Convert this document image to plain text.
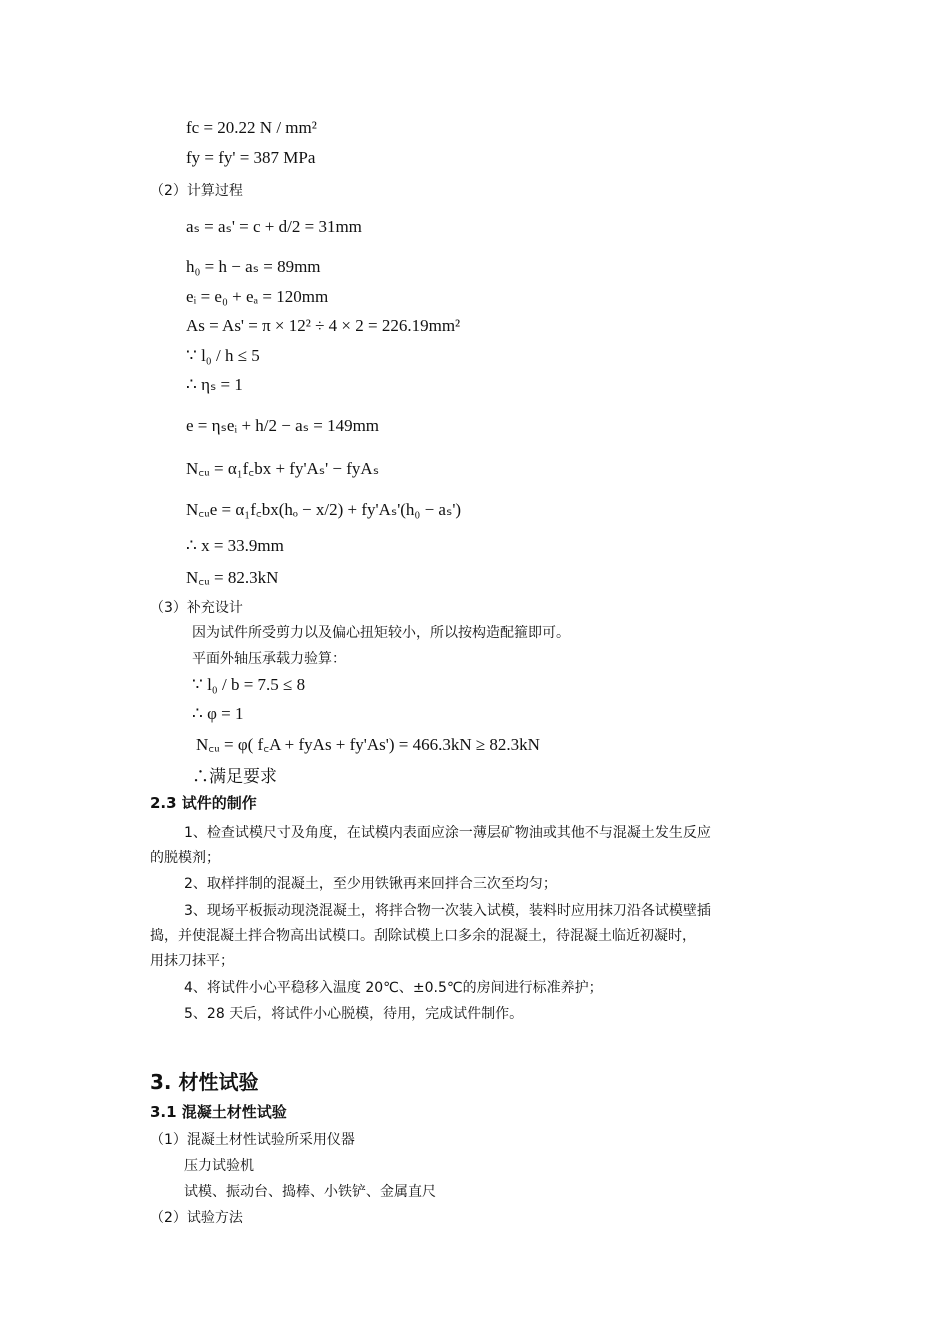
fc = 20.22 N / mm²
fy = fy' = 387 MPa
（2）计算过程
aₛ = aₛ' = c + d/2 = 31mm
h₀ = h − aₛ = 89mm
eᵢ = e₀ + eₐ = 120mm
As = As' = π × 12² ÷ 4 × 2 = 226.19mm²
∵ l₀ / h ≤ 5
∴ ηₛ = 1
e = ηₛeᵢ + h/2 − aₛ = 149mm
N꜀ᵤ = α₁f꜀bx + fy'Aₛ' − fyAₛ
N꜀ᵤe = α₁f꜀bx(hₒ − x/2) + fy'Aₛ'(h₀ − aₛ')
∴ x = 33.9mm
N꜀ᵤ = 82.3kN
（3）补充设计
因为试件所受剪力以及偏心扭矩较小，所以按构造配箍即可。
平面外轴压承载力验算：
∵ l₀ / b = 7.5 ≤ 8
∴ φ = 1
N꜀ᵤ = φ( f꜀A + fyAs + fy'As') = 466.3kN ≥ 82.3kN
∴满足要求
2.3 试件的制作
1、检查试模尺寸及角度，在试模内表面应涂一薄层矿物油或其他不与混凝土发生反应
的脱模剂；
2、取样拌制的混凝土，至少用铁锹再来回拌合三次至均匀；
3、现场平板振动现浇混凝土，将拌合物一次装入试模，装料时应用抹刀沿各试模壁插
捣，并使混凝土拌合物高出试模口。刮除试模上口多余的混凝土，待混凝土临近初凝时，
用抹刀抹平；
4、将试件小心平稳移入温度 20℃、±0.5℃的房间进行标准养护；
5、28 天后，将试件小心脱模，待用，完成试件制作。
3. 材性试验
3.1 混凝土材性试验
（1）混凝土材性试验所采用仪器
压力试验机
试模、振动台、捣棒、小铁铲、金属直尺
（2）试验方法
